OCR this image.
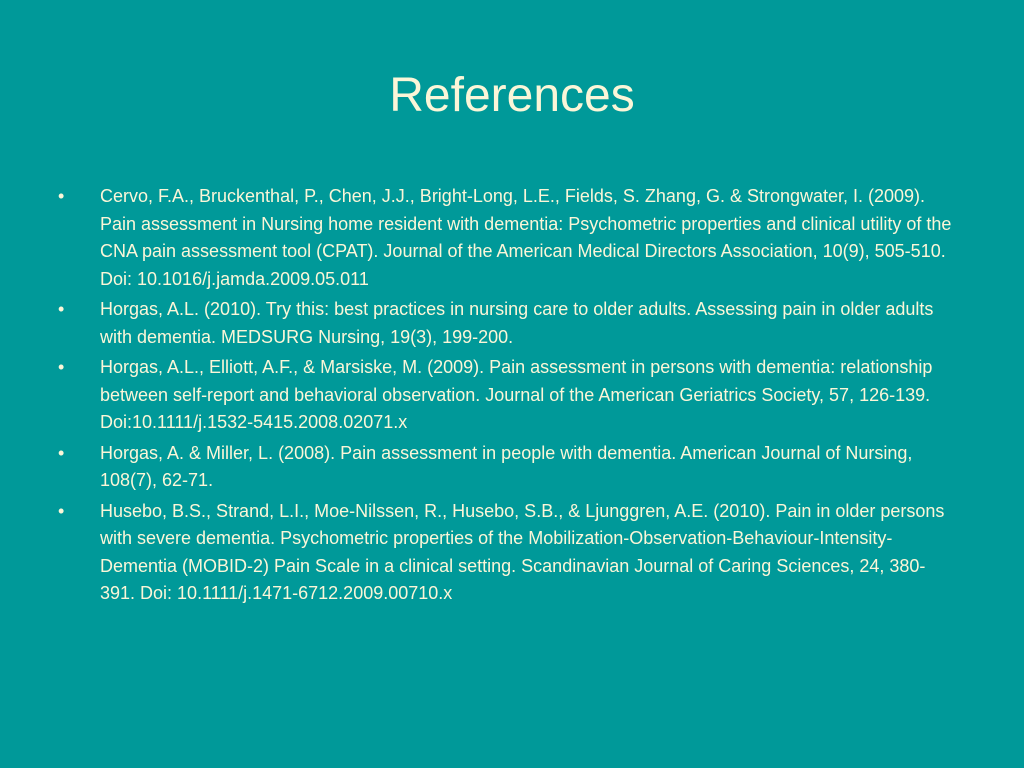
References
•	Cervo, F.A., Bruckenthal, P., Chen, J.J., Bright-Long, L.E., Fields, S. Zhang, G. & Strongwater, I. (2009). Pain assessment in Nursing home resident with dementia: Psychometric properties and clinical utility of the CNA pain assessment tool (CPAT). Journal of the American Medical Directors Association, 10(9), 505-510. Doi: 10.1016/j.jamda.2009.05.011
•	Horgas, A.L. (2010). Try this: best practices in nursing care to older adults. Assessing pain in older adults with dementia. MEDSURG Nursing, 19(3), 199-200.
•	Horgas, A.L., Elliott, A.F., & Marsiske, M. (2009). Pain assessment in persons with dementia: relationship between self-report and behavioral observation. Journal of the American Geriatrics Society, 57, 126-139. Doi:10.1111/j.1532-5415.2008.02071.x
•	Horgas, A. & Miller, L. (2008). Pain assessment in people with dementia. American Journal of Nursing, 108(7), 62-71.
•	Husebo, B.S., Strand, L.I., Moe-Nilssen, R., Husebo, S.B., & Ljunggren, A.E. (2010). Pain in older persons with severe dementia. Psychometric properties of the Mobilization-Observation-Behaviour-Intensity-Dementia (MOBID-2) Pain Scale in a clinical setting. Scandinavian Journal of Caring Sciences, 24, 380-391. Doi: 10.1111/j.1471-6712.2009.00710.x
